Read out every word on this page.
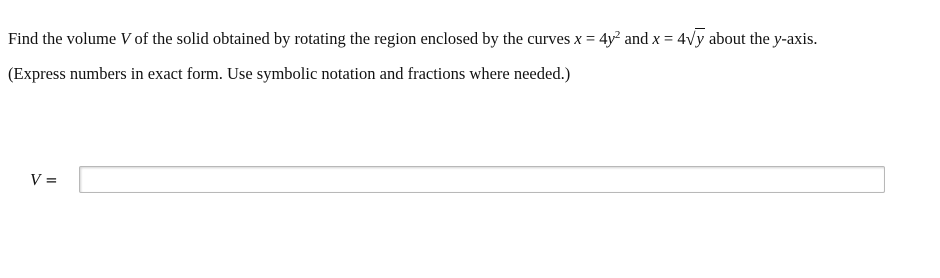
Find the volume V of the solid obtained by rotating the region enclosed by the curves $x = 4y^2$ and x = 4√y about the y-axis.
(Express numbers in exact form. Use symbolic notation and fractions where needed.)
V =
